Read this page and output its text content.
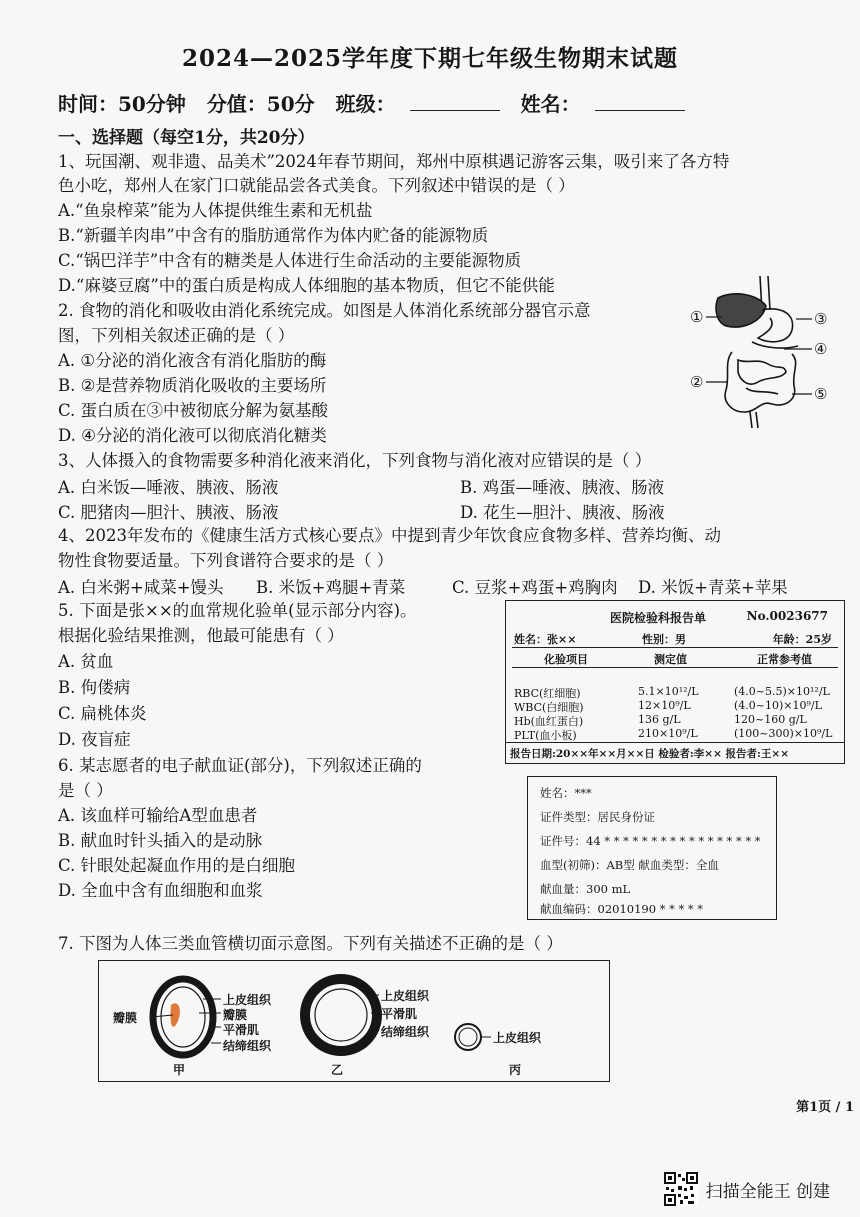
2024—2025学年度下期七年级生物期末试题
时间：50分钟 分值：50分 班级：	姓名：
一、选择题（每空1分，共20分）
1、玩国潮、观非遗、品美术”2024年春节期间，郑州中原棋遇记游客云集，吸引来了各方特
色小吃，郑州人在家门口就能品尝各式美食。下列叙述中错误的是（ ）
A.“鱼泉榨菜”能为人体提供维生素和无机盐
B.“新疆羊肉串”中含有的脂肪通常作为体内贮备的能源物质
C.“锅巴洋芋”中含有的糖类是人体进行生命活动的主要能源物质
D.“麻婆豆腐”中的蛋白质是构成人体细胞的基本物质，但它不能供能
2. 食物的消化和吸收由消化系统完成。如图是人体消化系统部分器官示意
图，下列相关叙述正确的是（ ）
A. ①分泌的消化液含有消化脂肪的酶
B. ②是营养物质消化吸收的主要场所
C. 蛋白质在③中被彻底分解为氨基酸
D. ④分泌的消化液可以彻底消化糖类
①
②
③
④
⑤
3、人体摄入的食物需要多种消化液来消化，下列食物与消化液对应错误的是（ ）
A. 白米饭—唾液、胰液、肠液	B. 鸡蛋—唾液、胰液、肠液
C. 肥猪肉—胆汁、胰液、肠液	D. 花生—胆汁、胰液、肠液
4、2023年发布的《健康生活方式核心要点》中提到青少年饮食应食物多样、营养均衡、动
物性食物要适量。下列食谱符合要求的是（ ）
A. 白米粥+咸菜+馒头 B. 米饭+鸡腿+青菜	C. 豆浆+鸡蛋+鸡胸肉 D. 米饭+青菜+苹果
5. 下面是张××的血常规化验单(显示部分内容)。
根据化验结果推测，他最可能患有（ ）
A. 贫血
B. 佝偻病
C. 扁桃体炎
D. 夜盲症
医院检验科报告单	No.0023677
姓名：张××	性别：男	年龄：25岁
化验项目	测定值	正常参考值
RBC(红细胞)	5.1×10¹²/L	(4.0~5.5)×10¹²/L
WBC(白细胞)	12×10⁹/L	(4.0~10)×10⁹/L
Hb(血红蛋白)	136 g/L	120~160 g/L
PLT(血小板)	210×10⁹/L	(100~300)×10⁹/L
报告日期:20××年××月××日 检验者:李×× 报告者:王××
6. 某志愿者的电子献血证(部分)，下列叙述正确的
是（ ）
A. 该血样可输给A型血患者
B. 献血时针头插入的是动脉
C. 针眼处起凝血作用的是白细胞
D. 全血中含有血细胞和血浆
姓名：***
证件类型：居民身份证
证件号：44 * * * * * * * * * * * * * * * * *
血型(初筛)：AB型 献血类型：全血
献血量：300 mL
献血编码：02010190 * * * * *
7. 下图为人体三类血管横切面示意图。下列有关描述不正确的是（ ）
瓣膜
上皮组织
瓣膜
平滑肌
结缔组织
上皮组织
平滑肌
结缔组织	上皮组织
甲	乙	丙
第1页 / 1
扫描全能王 创建
